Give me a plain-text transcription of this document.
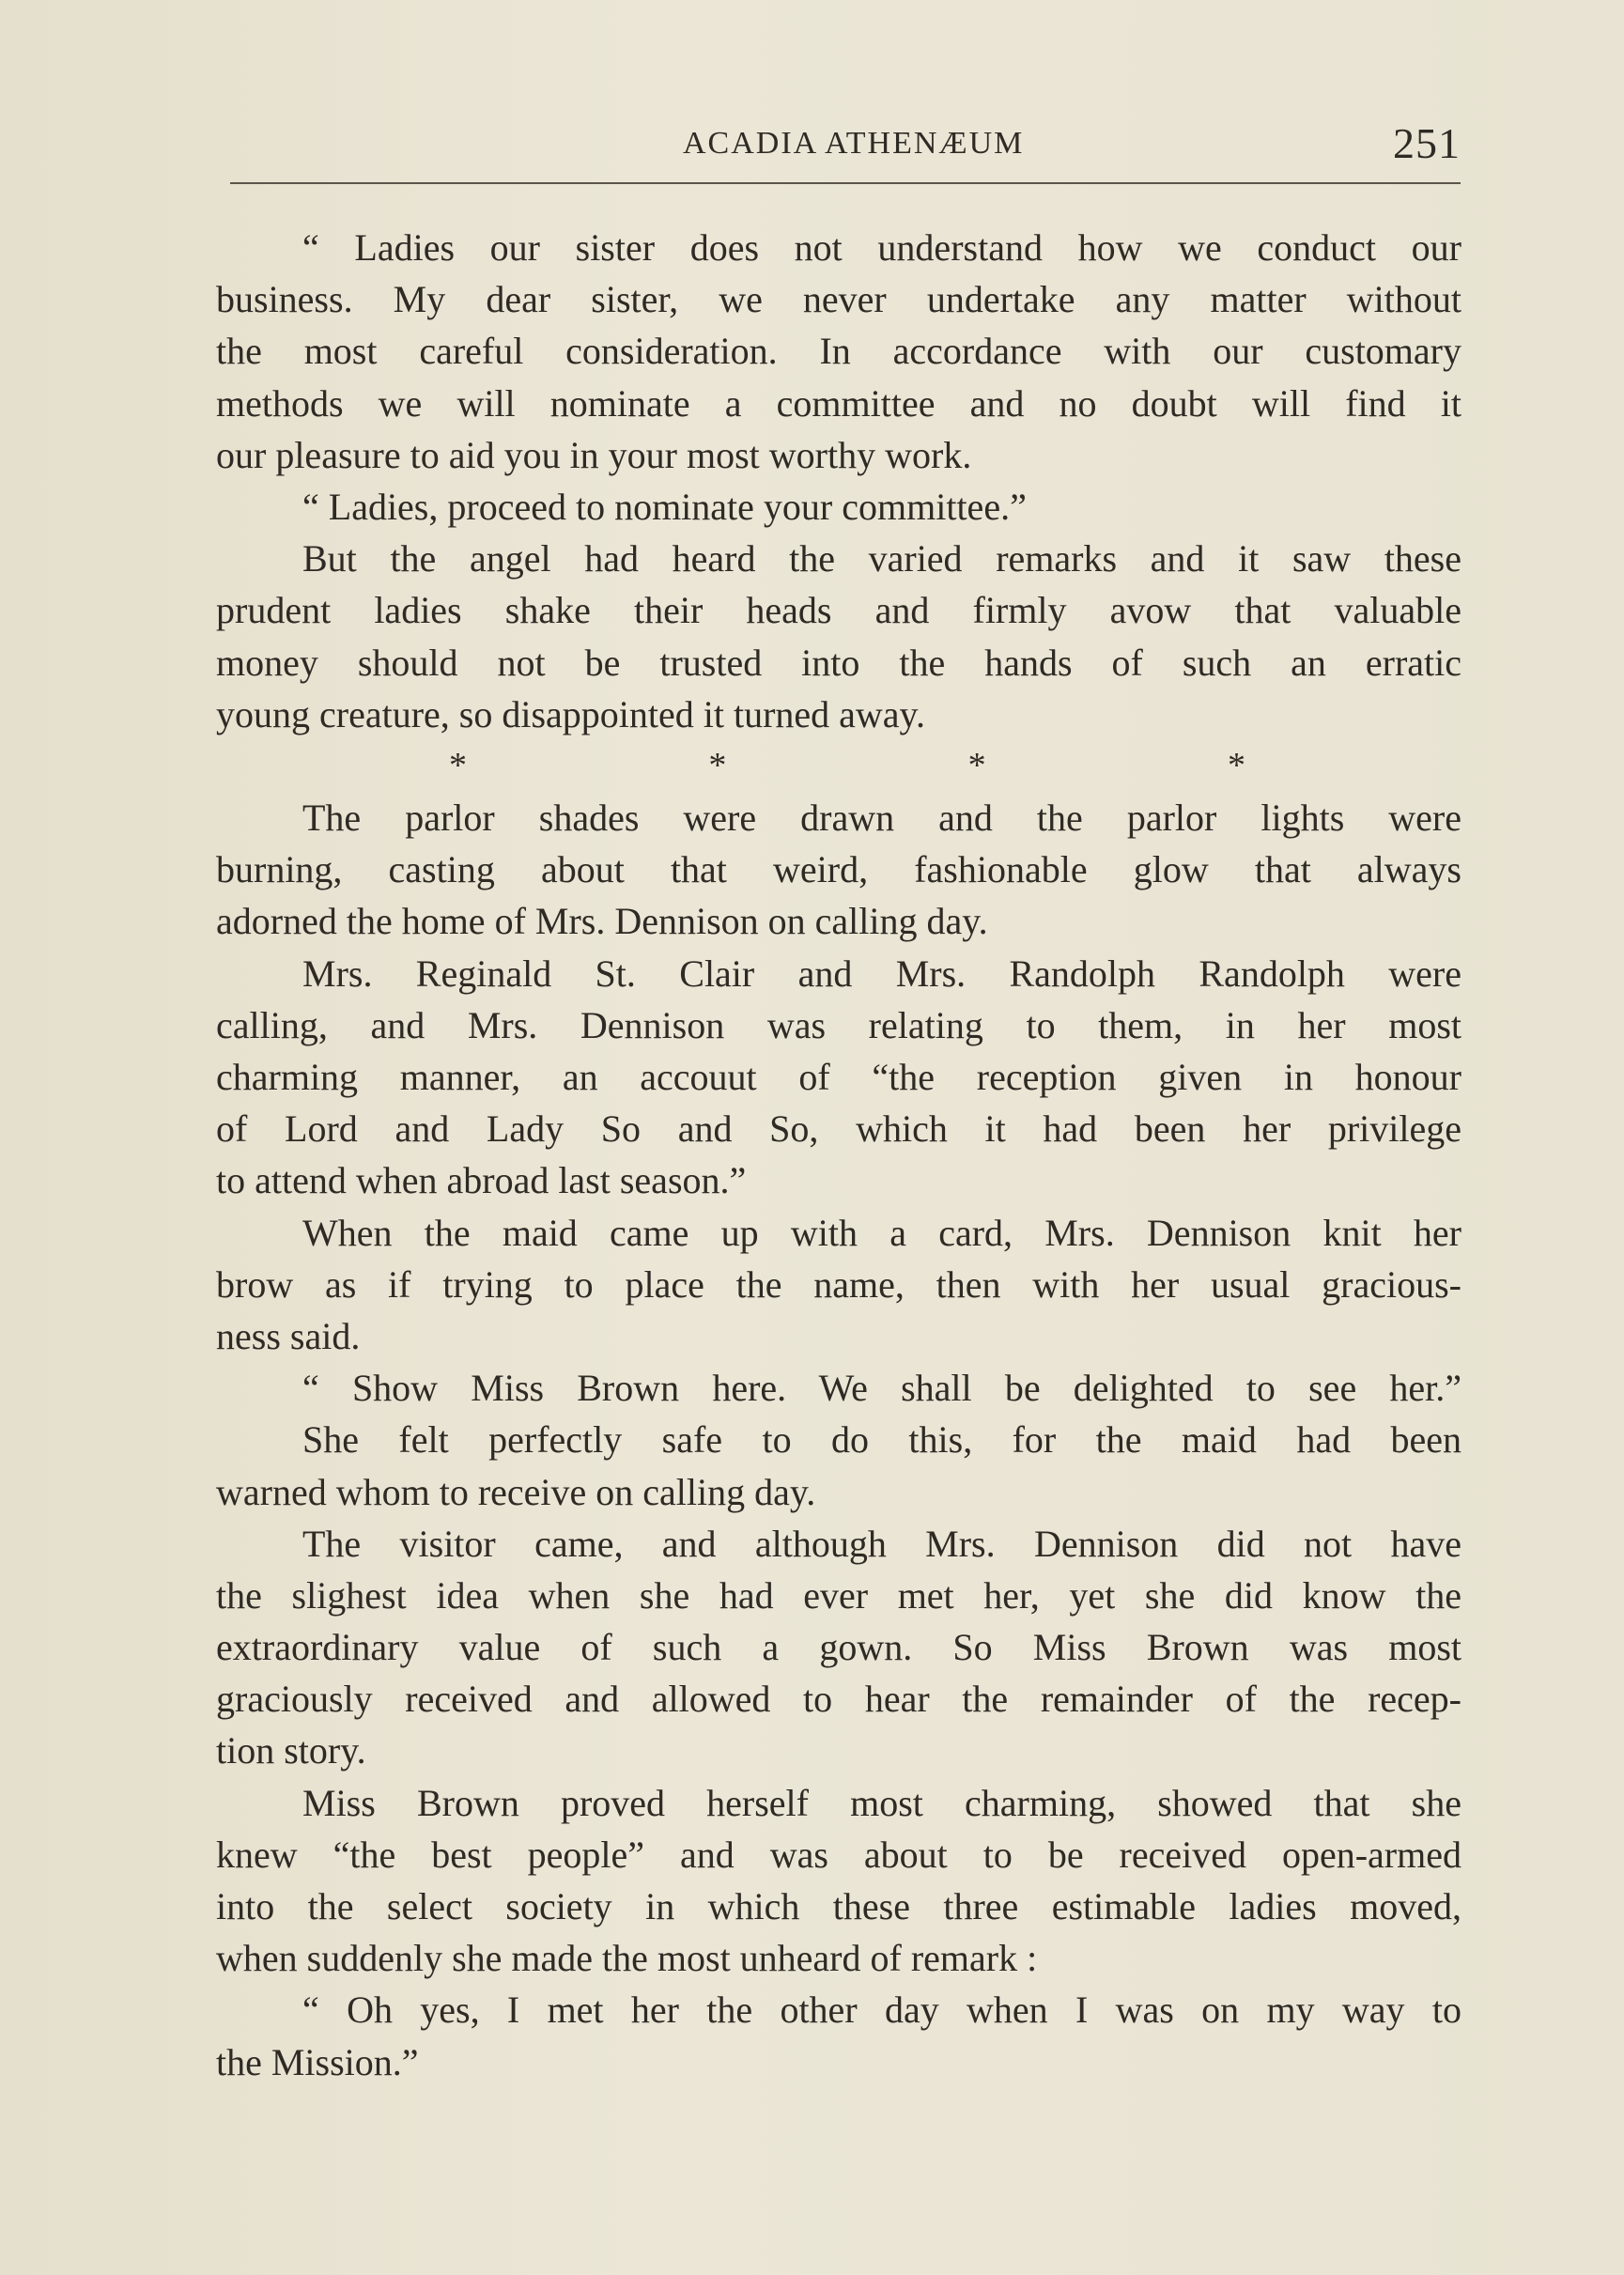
ACADIA ATHENÆUM	251
“ Ladies our sister does not understand how we conduct our
business. My dear sister, we never undertake any matter without
the most careful consideration. In accordance with our customary
methods we will nominate a committee and no doubt will find it
our pleasure to aid you in your most worthy work.
“ Ladies, proceed to nominate your committee.”
But the angel had heard the varied remarks and it saw these
prudent ladies shake their heads and firmly avow that valuable
money should not be trusted into the hands of such an erratic
young creature, so disappointed it turned away.
*	*	*	*
The parlor shades were drawn and the parlor lights were
burning, casting about that weird, fashionable glow that always
adorned the home of Mrs. Dennison on calling day.
Mrs. Reginald St. Clair and Mrs. Randolph Randolph were
calling, and Mrs. Dennison was relating to them, in her most
charming manner, an accouut of “the reception given in honour
of Lord and Lady So and So, which it had been her privilege
to attend when abroad last season.”
When the maid came up with a card, Mrs. Dennison knit her
brow as if trying to place the name, then with her usual gracious-
ness said.
“ Show Miss Brown here. We shall be delighted to see her.”
She felt perfectly safe to do this, for the maid had been
warned whom to receive on calling day.
The visitor came, and although Mrs. Dennison did not have
the slighest idea when she had ever met her, yet she did know the
extraordinary value of such a gown. So Miss Brown was most
graciously received and allowed to hear the remainder of the recep-
tion story.
Miss Brown proved herself most charming, showed that she
knew “the best people” and was about to be received open-armed
into the select society in which these three estimable ladies moved,
when suddenly she made the most unheard of remark :
“ Oh yes, I met her the other day when I was on my way to
the Mission.”
